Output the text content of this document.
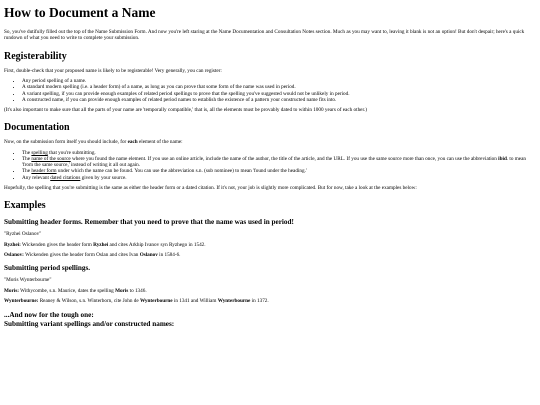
How to Document a Name

So, you've dutifully filled out the top of the Name Submission Form. And now you're left staring at the Name Documentation and Consultation Notes section. Much as you may want to, leaving it blank is not an option! But don't despair; here's a quick rundown of what you need to write to complete your submission.

Registerability

First, double-check that your proposed name is likely to be registerable! Very generally, you can register:

• Any period spelling of a name.
• A standard modern spelling (i.e. a header form) of a name, as long as you can prove that some form of the name was used in period.
• A variant spelling, if you can provide enough examples of related period spellings to prove that the spelling you've suggested would not be unlikely in period.
• A constructed name, if you can provide enough examples of related period names to establish the existence of a pattern your constructed name fits into.

(It's also important to make sure that all the parts of your name are 'temporally compatible,' that is, all the elements must be provably dated to within 1000 years of each other.)

Documentation

Now, on the submission form itself you should include, for each element of the name:

• The spelling that you're submitting.
• The name of the source where you found the name element. If you use an online article, include the name of the author, the title of the article, and the URL. If you use the same source more than once, you can use the abbreviation ibid. to mean 'from the same source,' instead of writing it all out again.
• The header form under which the name can be found. You can use the abbreviation s.n. (sub nominee) to mean 'found under the heading.'
• Any relevant dated citations given by your source.

Hopefully, the spelling that you're submitting is the same as either the header form or a dated citation. If it's not, your job is slightly more complicated. But for now, take a look at the examples below:

Examples
Submitting header forms. Remember that you need to prove that the name was used in period!

"Ryzhei Oslanov"

Ryzhei: Wickenden gives the header form Ryzhei and cites Arkhip Ivanov syn Ryzhego in 1542.

Oslanov: Wickenden gives the header form Oslan and cites Ivan Oslanov in 1584-6.

Submitting period spellings.

"Moris Wynterbourne"

Moris: Withycombe, s.n. Maurice, dates the spelling Moris to 1346.

Wynterbourne: Reaney & Wilson, s.n. Winterborn, cite John de Wynterbourne in 1341 and William Wynterbourne in 1372.

...And now for the tough one:
Submitting variant spellings and/or constructed names:
